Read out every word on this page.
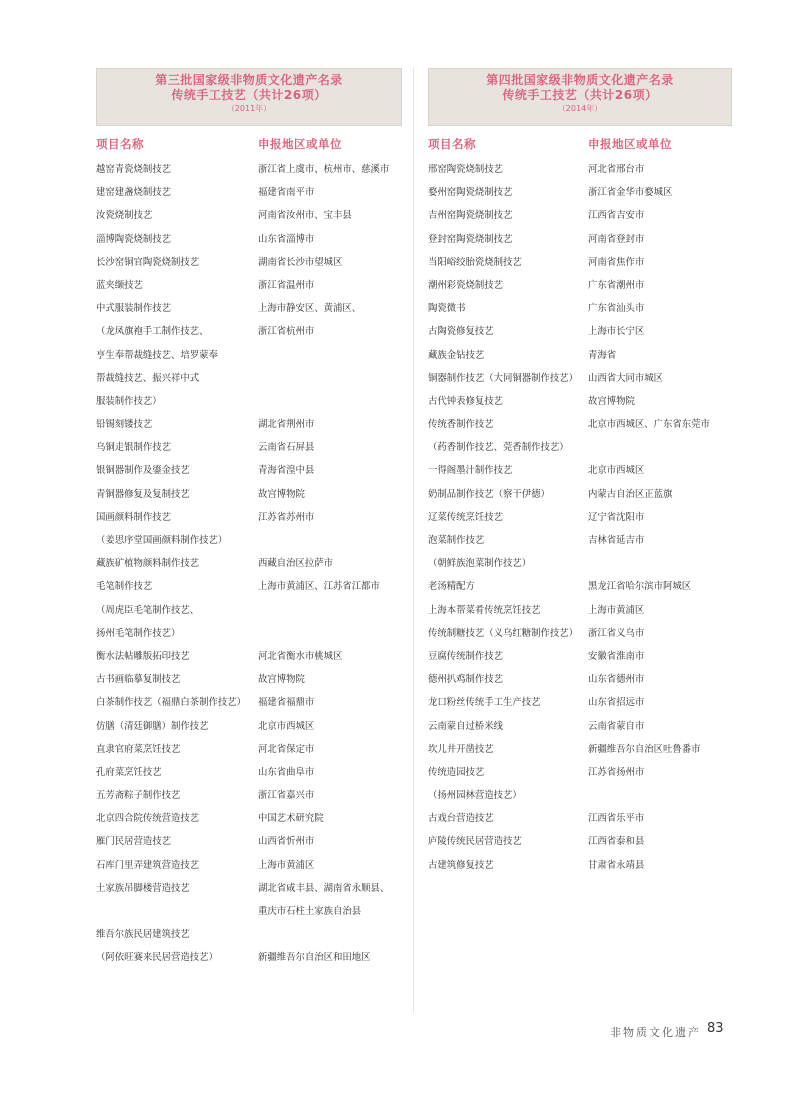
第三批国家级非物质文化遗产名录
传统手工技艺（共计26项）
（2011年）
项目名称	申报地区或单位
越窑青瓷烧制技艺	浙江省上虞市、杭州市、慈溪市
建窑建盏烧制技艺	福建省南平市
汝瓷烧制技艺	河南省汝州市、宝丰县
淄博陶瓷烧制技艺	山东省淄博市
长沙窑铜官陶瓷烧制技艺	湖南省长沙市望城区
蓝夹缬技艺	浙江省温州市
中式服装制作技艺	上海市静安区、黄浦区、
（龙凤旗袍手工制作技艺、	浙江省杭州市
亨生奉帮裁缝技艺、培罗蒙奉
帮裁缝技艺、振兴祥中式
服装制作技艺）
铅锡刻镂技艺	湖北省荆州市
乌铜走银制作技艺	云南省石屏县
银铜器制作及鎏金技艺	青海省湟中县
青铜器修复及复制技艺	故宫博物院
国画颜料制作技艺	江苏省苏州市
（姜思序堂国画颜料制作技艺）
藏族矿植物颜料制作技艺	西藏自治区拉萨市
毛笔制作技艺	上海市黄浦区、江苏省江都市
（周虎臣毛笔制作技艺、
扬州毛笔制作技艺）
衡水法帖雕版拓印技艺	河北省衡水市桃城区
古书画临摹复制技艺	故宫博物院
白茶制作技艺（福鼎白茶制作技艺） 福建省福鼎市
仿膳（清廷御膳）制作技艺	北京市西城区
直隶官府菜烹饪技艺	河北省保定市
孔府菜烹饪技艺	山东省曲阜市
五芳斋粽子制作技艺	浙江省嘉兴市
北京四合院传统营造技艺	中国艺术研究院
雁门民居营造技艺	山西省忻州市
石库门里弄建筑营造技艺	上海市黄浦区
土家族吊脚楼营造技艺	湖北省咸丰县、湖南省永顺县、
重庆市石柱土家族自治县
维吾尔族民居建筑技艺
（阿依旺赛来民居营造技艺）	新疆维吾尔自治区和田地区
第四批国家级非物质文化遗产名录
传统手工技艺（共计26项）
（2014年）
项目名称	申报地区或单位
邢窑陶瓷烧制技艺	河北省邢台市
婺州窑陶瓷烧制技艺	浙江省金华市婺城区
吉州窑陶瓷烧制技艺	江西省吉安市
登封窑陶瓷烧制技艺	河南省登封市
当阳峪绞胎瓷烧制技艺	河南省焦作市
潮州彩瓷烧制技艺	广东省潮州市
陶瓷微书	广东省汕头市
古陶瓷修复技艺	上海市长宁区
藏族金钻技艺	青海省
铜器制作技艺（大同铜器制作技艺） 山西省大同市城区
古代钟表修复技艺	故宫博物院
传统香制作技艺	北京市西城区、广东省东莞市
（药香制作技艺、莞香制作技艺）
一得阁墨汁制作技艺	北京市西城区
奶制品制作技艺（察干伊德）	内蒙古自治区正蓝旗
辽菜传统烹饪技艺	辽宁省沈阳市
泡菜制作技艺	吉林省延吉市
（朝鲜族泡菜制作技艺）
老汤精配方	黑龙江省哈尔滨市阿城区
上海本帮菜肴传统烹饪技艺	上海市黄浦区
传统制糖技艺（义乌红糖制作技艺） 浙江省义乌市
豆腐传统制作技艺	安徽省淮南市
德州扒鸡制作技艺	山东省德州市
龙口粉丝传统手工生产技艺	山东省招远市
云南蒙自过桥米线	云南省蒙自市
坎儿井开凿技艺	新疆维吾尔自治区吐鲁番市
传统造园技艺	江苏省扬州市
（扬州园林营造技艺）
古戏台营造技艺	江西省乐平市
庐陵传统民居营造技艺	江西省泰和县
古建筑修复技艺	甘肃省永靖县
非物质文化遗产 83
